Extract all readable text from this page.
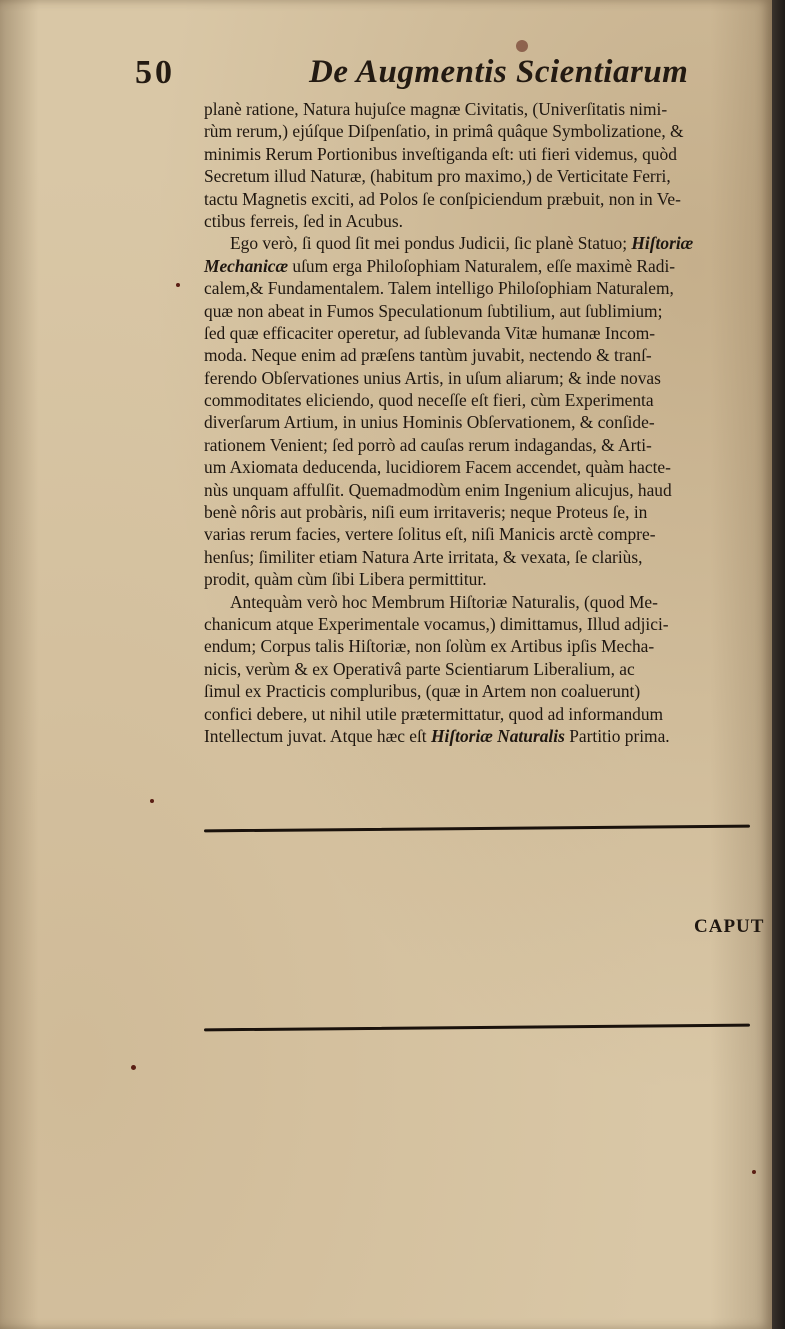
50	De Augmentis Scientiarum
planè ratione, Natura hujuſce magnæ Civitatis, (Univerſitatis nimi-
rùm rerum,) ejúſque Diſpenſatio, in primâ quâque Symbolizatione, &
minimis Rerum Portionibus inveſtiganda eſt: uti fieri videmus, quòd
Secretum illud Naturæ, (habitum pro maximo,) de Verticitate Ferri,
tactu Magnetis exciti, ad Polos ſe conſpiciendum præbuit, non in Ve-
ctibus ferreis, ſed in Acubus.
Ego verò, ſi quod ſit mei pondus Judicii, ſic planè Statuo; Hiſtoriæ
Mechanicæ uſum erga Philoſophiam Naturalem, eſſe maximè Radi-
calem,& Fundamentalem. Talem intelligo Philoſophiam Naturalem,
quæ non abeat in Fumos Speculationum ſubtilium, aut ſublimium;
ſed quæ efficaciter operetur, ad ſublevanda Vitæ humanæ Incom-
moda. Neque enim ad præſens tantùm juvabit, nectendo & tranſ-
ferendo Obſervationes unius Artis, in uſum aliarum; & inde novas
commoditates eliciendo, quod neceſſe eſt fieri, cùm Experimenta
diverſarum Artium, in unius Hominis Obſervationem, & conſide-
rationem Venient; ſed porrò ad cauſas rerum indagandas, & Arti-
um Axiomata deducenda, lucidiorem Facem accendet, quàm hacte-
nùs unquam affulſit. Quemadmodùm enim Ingenium alicujus, haud
benè nôris aut probàris, niſi eum irritaveris; neque Proteus ſe, in
varias rerum facies, vertere ſolitus eſt, niſi Manicis arctè compre-
henſus; ſimiliter etiam Natura Arte irritata, & vexata, ſe clariùs,
prodit, quàm cùm ſibi Libera permittitur.
Antequàm verò hoc Membrum Hiſtoriæ Naturalis, (quod Me-
chanicum atque Experimentale vocamus,) dimittamus, Illud adjici-
endum; Corpus talis Hiſtoriæ, non ſolùm ex Artibus ipſis Mecha-
nicis, verùm & ex Operativâ parte Scientiarum Liberalium, ac
ſimul ex Practicis compluribus, (quæ in Artem non coaluerunt)
confici debere, ut nihil utile prætermittatur, quod ad informandum
Intellectum juvat. Atque hæc eſt Hiſtoriæ Naturalis Partitio prima.
CAPUT
